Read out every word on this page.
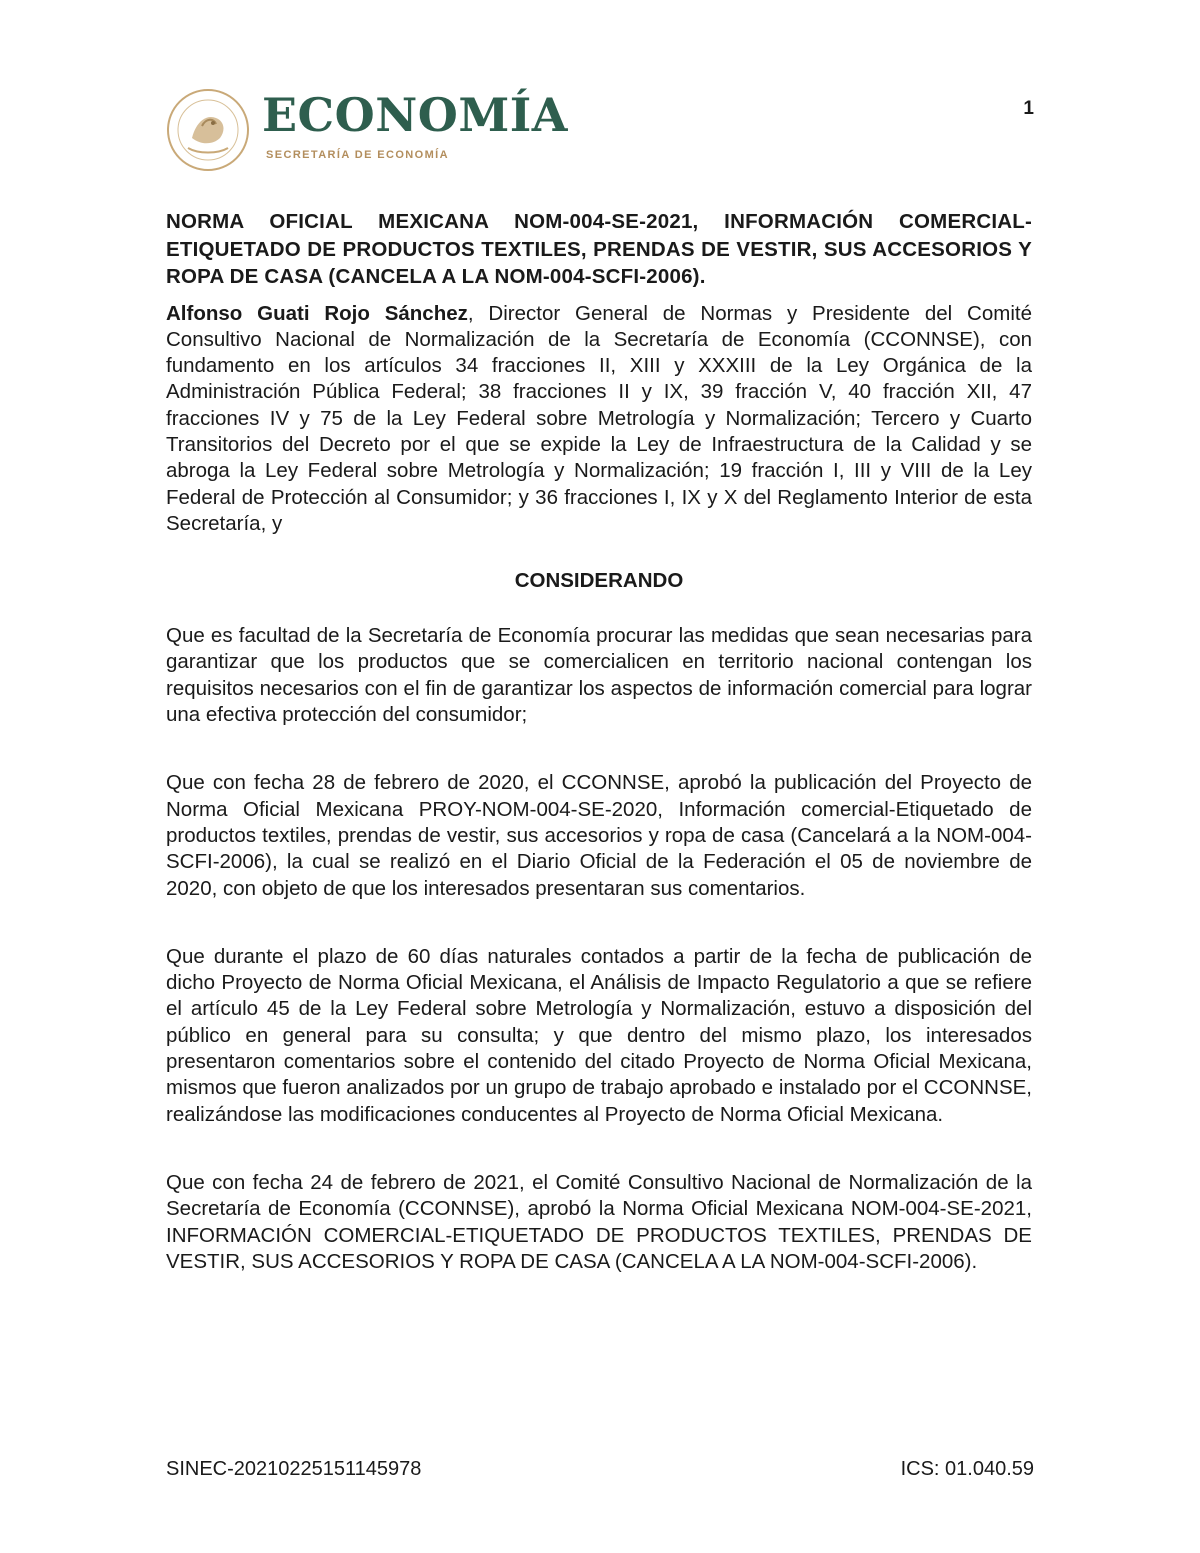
ECONOMÍA
SECRETARÍA DE ECONOMÍA
1

NORMA OFICIAL MEXICANA NOM-004-SE-2021, INFORMACIÓN COMERCIAL-ETIQUETADO DE PRODUCTOS TEXTILES, PRENDAS DE VESTIR, SUS ACCESORIOS Y ROPA DE CASA (CANCELA A LA NOM-004-SCFI-2006).

Alfonso Guati Rojo Sánchez, Director General de Normas y Presidente del Comité Consultivo Nacional de Normalización de la Secretaría de Economía (CCONNSE), con fundamento en los artículos 34 fracciones II, XIII y XXXIII de la Ley Orgánica de la Administración Pública Federal; 38 fracciones II y IX, 39 fracción V, 40 fracción XII, 47 fracciones IV y 75 de la Ley Federal sobre Metrología y Normalización; Tercero y Cuarto Transitorios del Decreto por el que se expide la Ley de Infraestructura de la Calidad y se abroga la Ley Federal sobre Metrología y Normalización; 19 fracción I, III y VIII de la Ley Federal de Protección al Consumidor; y 36 fracciones I, IX y X del Reglamento Interior de esta Secretaría, y

CONSIDERANDO

Que es facultad de la Secretaría de Economía procurar las medidas que sean necesarias para garantizar que los productos que se comercialicen en territorio nacional contengan los requisitos necesarios con el fin de garantizar los aspectos de información comercial para lograr una efectiva protección del consumidor;

Que con fecha 28 de febrero de 2020, el CCONNSE, aprobó la publicación del Proyecto de Norma Oficial Mexicana PROY-NOM-004-SE-2020, Información comercial-Etiquetado de productos textiles, prendas de vestir, sus accesorios y ropa de casa (Cancelará a la NOM-004-SCFI-2006), la cual se realizó en el Diario Oficial de la Federación el 05 de noviembre de 2020, con objeto de que los interesados presentaran sus comentarios.

Que durante el plazo de 60 días naturales contados a partir de la fecha de publicación de dicho Proyecto de Norma Oficial Mexicana, el Análisis de Impacto Regulatorio a que se refiere el artículo 45 de la Ley Federal sobre Metrología y Normalización, estuvo a disposición del público en general para su consulta; y que dentro del mismo plazo, los interesados presentaron comentarios sobre el contenido del citado Proyecto de Norma Oficial Mexicana, mismos que fueron analizados por un grupo de trabajo aprobado e instalado por el CCONNSE, realizándose las modificaciones conducentes al Proyecto de Norma Oficial Mexicana.

Que con fecha 24 de febrero de 2021, el Comité Consultivo Nacional de Normalización de la Secretaría de Economía (CCONNSE), aprobó la Norma Oficial Mexicana NOM-004-SE-2021, INFORMACIÓN COMERCIAL-ETIQUETADO DE PRODUCTOS TEXTILES, PRENDAS DE VESTIR, SUS ACCESORIOS Y ROPA DE CASA (CANCELA A LA NOM-004-SCFI-2006).

SINEC-20210225151145978	ICS: 01.040.59
